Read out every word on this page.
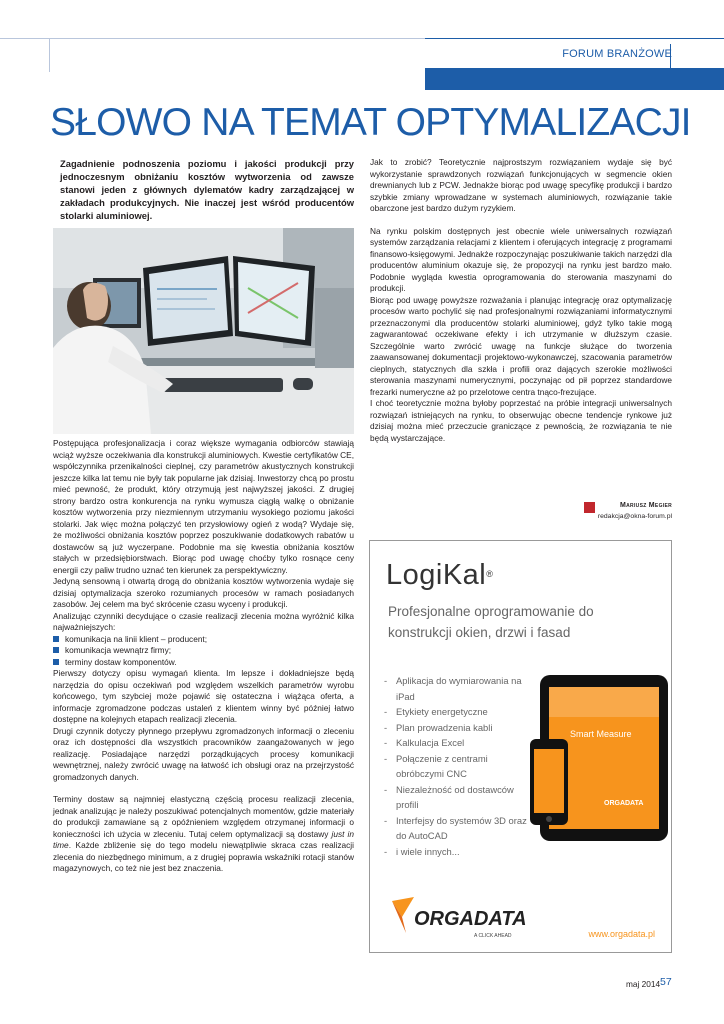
FORUM BRANŻOWE
SŁOWO NA TEMAT OPTYMALIZACJI
Zagadnienie podnoszenia poziomu i jakości produkcji przy jednoczesnym obniżaniu kosztów wytworzenia od zawsze stanowi jeden z głównych dylematów kadry zarządzającej w zakładach produkcyjnych. Nie inaczej jest wśród producentów stolarki aluminiowej.

Postępująca profesjonalizacja i coraz większe wymagania odbiorców stawiają wciąż wyższe oczekiwania dla konstrukcji aluminiowych. Kwestie certyfikatów CE, współczynnika przenikalności cieplnej, czy parametrów akustycznych konstrukcji jeszcze kilka lat temu nie były tak popularne jak dzisiaj. Inwestorzy chcą po prostu mieć pewność, że produkt, który otrzymują jest najwyższej jakości. Z drugiej strony bardzo ostra konkurencja na rynku wymusza ciągłą walkę o obniżanie kosztów wytworzenia przy niezmiennym utrzymaniu wysokiego poziomu jakości stolarki. Jak więc można połączyć ten przysłowiowy ogień z wodą? Wydaje się, że możliwości obniżania kosztów poprzez poszukiwanie dodatkowych rabatów u dostawców są już wyczerpane. Podobnie ma się kwestia obniżania kosztów stałych w przedsiębiorstwach. Biorąc pod uwagę choćby tylko rosnące ceny energii czy paliw trudno uznać ten kierunek za perspektywiczny.

Jedyną sensowną i otwartą drogą do obniżania kosztów wytworzenia wydaje się dzisiaj optymalizacja szeroko rozumianych procesów w ramach posiadanych zasobów. Jej celem ma być skrócenie czasu wyceny i produkcji.

Analizując czynniki decydujące o czasie realizacji zlecenia można wyróżnić kilka najważniejszych:

komunikacja na linii klient – producent;
komunikacja wewnątrz firmy;
terminy dostaw komponentów.

Pierwszy dotyczy opisu wymagań klienta. Im lepsze i dokładniejsze będą narzędzia do opisu oczekiwań pod względem wszelkich parametrów wyrobu końcowego, tym szybciej może pojawić się ostateczna i wiążąca oferta, a informacje zgromadzone podczas ustaleń z klientem winny być później łatwo dostępne na kolejnych etapach realizacji zlecenia.

Drugi czynnik dotyczy płynnego przepływu zgromadzonych informacji o zleceniu oraz ich dostępności dla wszystkich pracowników zaangażowanych w jego realizację. Posiadające narzędzi porządkujących procesy komunikacji wewnętrznej, należy zwrócić uwagę na łatwość ich obsługi oraz na przejrzystość gromadzonych danych.

Terminy dostaw są najmniej elastyczną częścią procesu realizacji zlecenia, jednak analizując je należy poszukiwać potencjalnych momentów, gdzie materiały do produkcji zamawiane są z opóźnieniem względem otrzymanej informacji o konieczności ich użycia w zleceniu. Tutaj celem optymalizacji są dostawy just in time. Każde zbliżenie się do tego modelu niewątpliwie skraca czas realizacji zlecenia do niezbędnego minimum, a z drugiej poprawia wskaźniki rotacji stanów magazynowych, co też nie jest bez znaczenia.

Jak to zrobić? Teoretycznie najprostszym rozwiązaniem wydaje się być wykorzystanie sprawdzonych rozwiązań funkcjonujących w segmencie okien drewnianych lub z PCW. Jednakże biorąc pod uwagę specyfikę produkcji i bardzo szybkie zmiany wprowadzane w systemach aluminiowych, rozwiązanie takie obarczone jest bardzo dużym ryzykiem.

Na rynku polskim dostępnych jest obecnie wiele uniwersalnych rozwiązań systemów zarządzania relacjami z klientem i oferujących integrację z programami finansowo-księgowymi. Jednakże rozpoczynając poszukiwanie takich narzędzi dla producentów aluminium okazuje się, że propozycji na rynku jest bardzo mało. Podobnie wygląda kwestia oprogramowania do sterowania maszynami do produkcji.

Biorąc pod uwagę powyższe rozważania i planując integrację oraz optymalizację procesów warto pochylić się nad profesjonalnymi rozwiązaniami informatycznymi przeznaczonymi dla producentów stolarki aluminiowej, gdyż tylko takie mogą zagwarantować oczekiwane efekty i ich utrzymanie w dłuższym czasie. Szczególnie warto zwrócić uwagę na funkcje służące do tworzenia zaawansowanej dokumentacji projektowo-wykonawczej, szacowania parametrów cieplnych, statycznych dla szkła i profili oraz dających szerokie możliwości sterowania maszynami numerycznymi, poczynając od pił poprzez standardowe frezarki numeryczne aż po przelotowe centra tnąco-frezujące.

I choć teoretycznie można byłoby poprzestać na próbie integracji uniwersalnych rozwiązań istniejących na rynku, to obserwując obecne tendencje rynkowe już dzisiaj można mieć przeczucie graniczące z pewnością, że rozwiązania te nie będą wystarczające.

Mariusz Megier
redakcja@okna-forum.pl
LogiKal®
Profesjonalne oprogramowanie do konstrukcji okien, drzwi i fasad
- Aplikacja do wymiarowania na iPad
- Etykiety energetyczne
- Plan prowadzenia kabli
- Kalkulacja Excel
- Połączenie z centrami obróbczymi CNC
- Niezależność od dostawców profili
- Interfejsy do systemów 3D oraz do AutoCAD
- i wiele innych...
Smart Measure
ORGADATA
ORGADATA
A CLICK AHEAD	www.orgadata.pl
maj 2014 57
